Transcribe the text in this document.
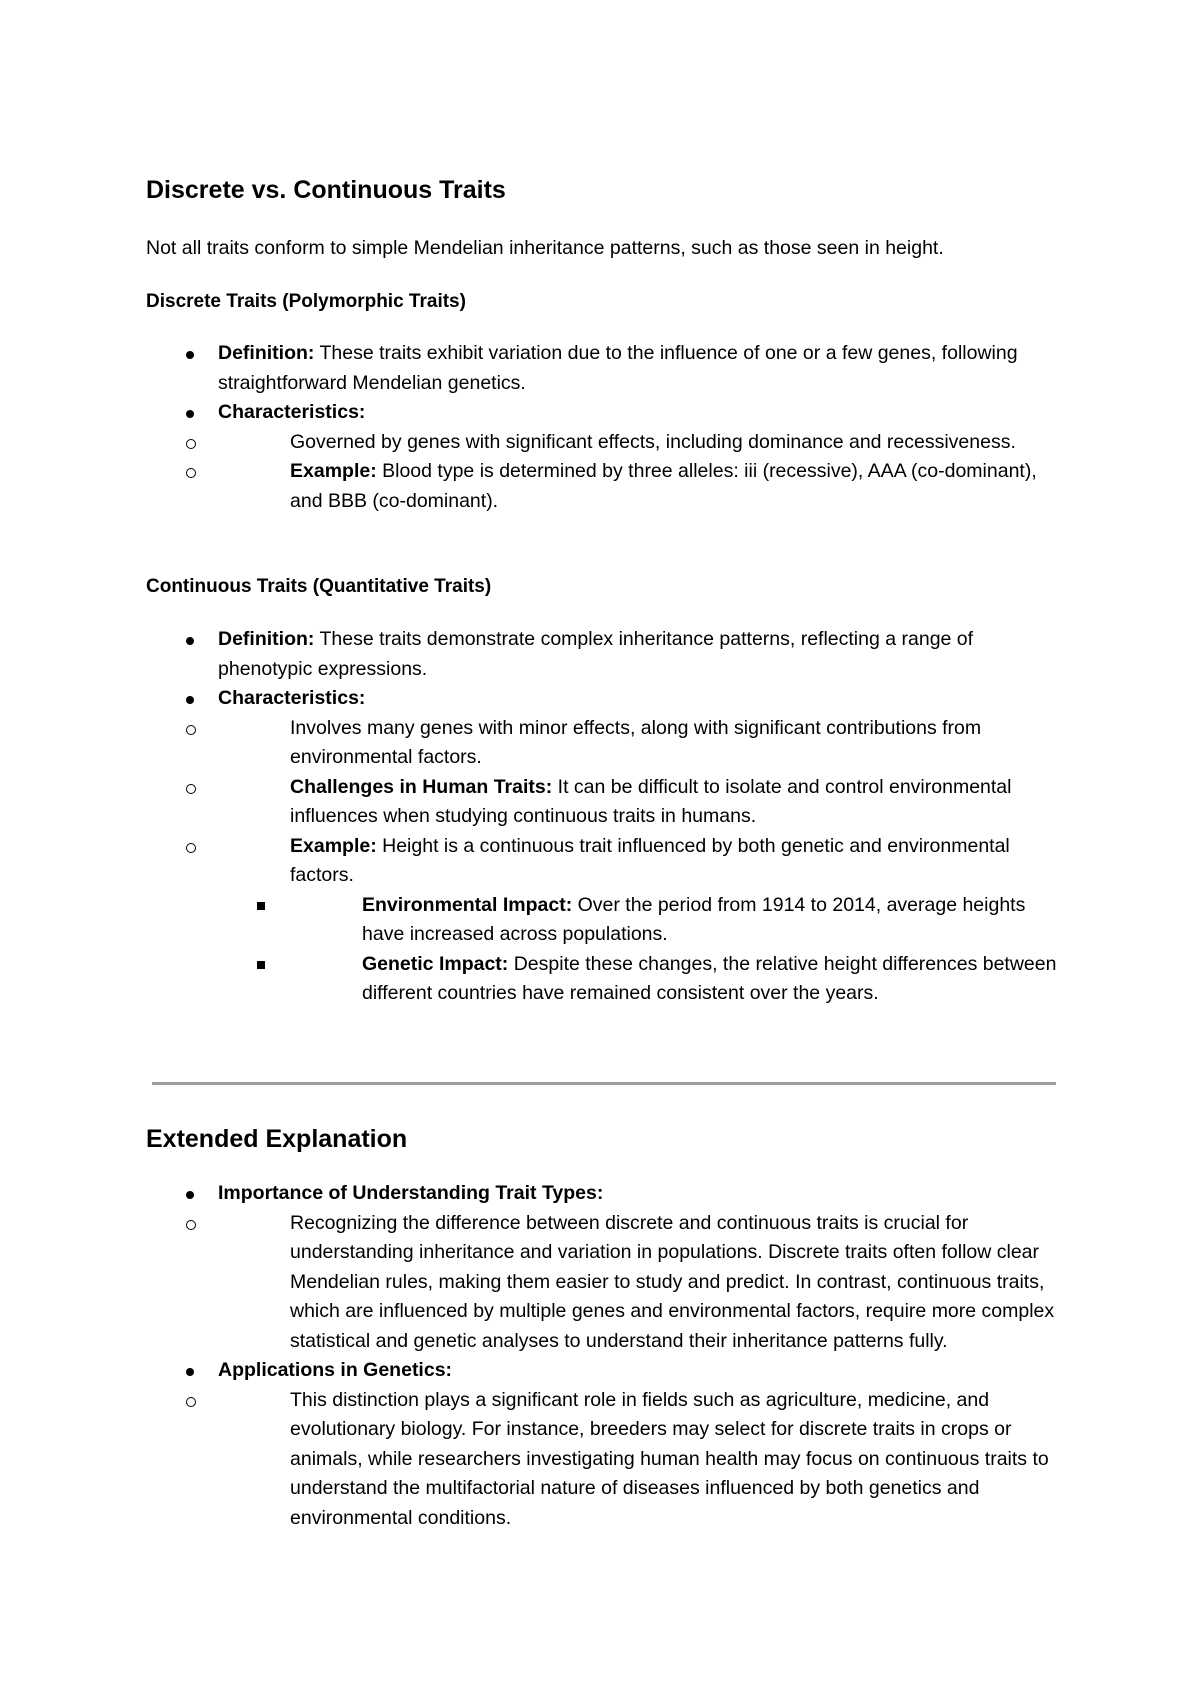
Discrete vs. Continuous Traits

Not all traits conform to simple Mendelian inheritance patterns, such as those seen in height.

Discrete Traits (Polymorphic Traits)
Definition: These traits exhibit variation due to the influence of one or a few genes, following straightforward Mendelian genetics.
Characteristics:
Governed by genes with significant effects, including dominance and recessiveness.
Example: Blood type is determined by three alleles: iii (recessive), AAA (co-dominant), and BBB (co-dominant).
Continuous Traits (Quantitative Traits)
Definition: These traits demonstrate complex inheritance patterns, reflecting a range of phenotypic expressions.
Characteristics:
Involves many genes with minor effects, along with significant contributions from environmental factors.
Challenges in Human Traits: It can be difficult to isolate and control environmental influences when studying continuous traits in humans.
Example: Height is a continuous trait influenced by both genetic and environmental factors.
Environmental Impact: Over the period from 1914 to 2014, average heights have increased across populations.
Genetic Impact: Despite these changes, the relative height differences between different countries have remained consistent over the years.
Extended Explanation
Importance of Understanding Trait Types:
Recognizing the difference between discrete and continuous traits is crucial for understanding inheritance and variation in populations. Discrete traits often follow clear Mendelian rules, making them easier to study and predict. In contrast, continuous traits, which are influenced by multiple genes and environmental factors, require more complex statistical and genetic analyses to understand their inheritance patterns fully.
Applications in Genetics:
This distinction plays a significant role in fields such as agriculture, medicine, and evolutionary biology. For instance, breeders may select for discrete traits in crops or animals, while researchers investigating human health may focus on continuous traits to understand the multifactorial nature of diseases influenced by both genetics and environmental conditions.
